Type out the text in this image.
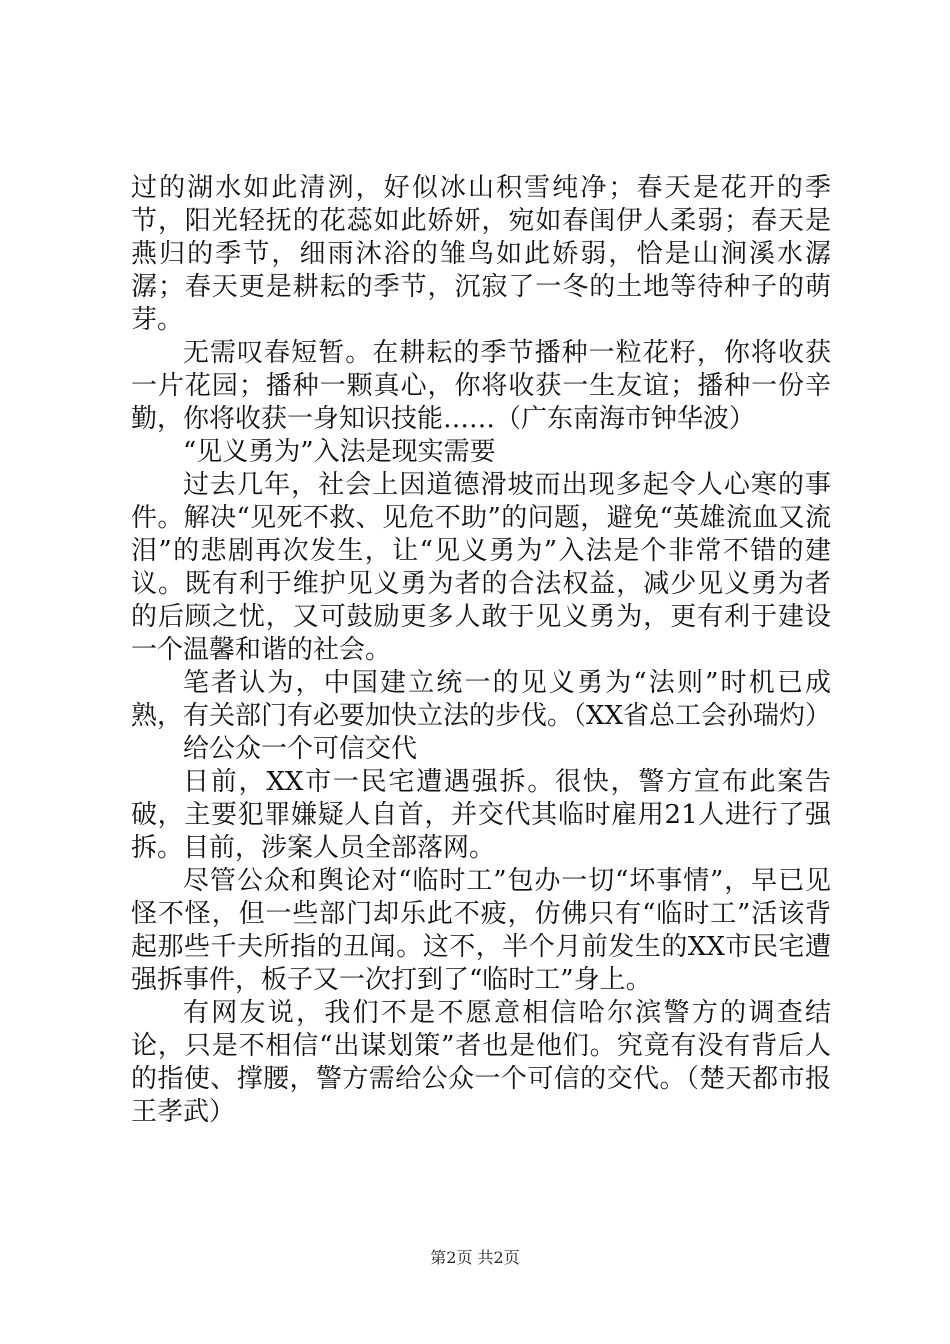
过的湖水如此清洌，好似冰山积雪纯净；春天是花开的季节，阳光轻抚的花蕊如此娇妍，宛如春闺伊人柔弱；春天是燕归的季节，细雨沐浴的雏鸟如此娇弱，恰是山涧溪水潺潺；春天更是耕耘的季节，沉寂了一冬的土地等待种子的萌芽。

无需叹春短暂。在耕耘的季节播种一粒花籽，你将收获一片花园；播种一颗真心，你将收获一生友谊；播种一份辛勤，你将收获一身知识技能……（广东南海市钟华波）

“见义勇为”入法是现实需要

过去几年，社会上因道德滑坡而出现多起令人心寒的事件。解决“见死不救、见危不助”的问题，避免“英雄流血又流泪”的悲剧再次发生，让“见义勇为”入法是个非常不错的建议。既有利于维护见义勇为者的合法权益，减少见义勇为者的后顾之忧，又可鼓励更多人敢于见义勇为，更有利于建设一个温馨和谐的社会。

笔者认为，中国建立统一的见义勇为“法则”时机已成熟，有关部门有必要加快立法的步伐。（XX省总工会孙瑞灼）

给公众一个可信交代

日前，XX市一民宅遭遇强拆。很快，警方宣布此案告破，主要犯罪嫌疑人自首，并交代其临时雇用21人进行了强拆。目前，涉案人员全部落网。

尽管公众和舆论对“临时工”包办一切“坏事情”，早已见怪不怪，但一些部门却乐此不疲，仿佛只有“临时工”活该背起那些千夫所指的丑闻。这不，半个月前发生的XX市民宅遭强拆事件，板子又一次打到了“临时工”身上。

有网友说，我们不是不愿意相信哈尔滨警方的调查结论，只是不相信“出谋划策”者也是他们。究竟有没有背后人的指使、撑腰，警方需给公众一个可信的交代。（楚天都市报王孝武）

第2页 共2页
